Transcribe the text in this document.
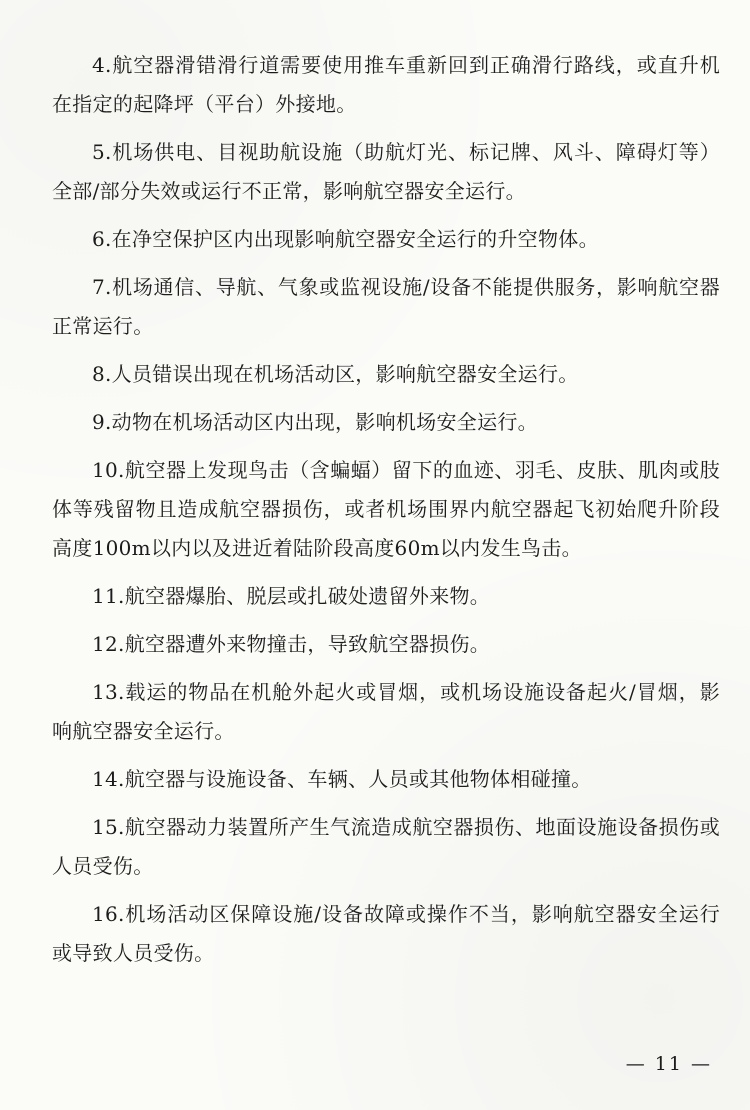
4.航空器滑错滑行道需要使用推车重新回到正确滑行路线，或直升机在指定的起降坪（平台）外接地。

5.机场供电、目视助航设施（助航灯光、标记牌、风斗、障碍灯等）全部/部分失效或运行不正常，影响航空器安全运行。

6.在净空保护区内出现影响航空器安全运行的升空物体。

7.机场通信、导航、气象或监视设施/设备不能提供服务，影响航空器正常运行。

8.人员错误出现在机场活动区，影响航空器安全运行。

9.动物在机场活动区内出现，影响机场安全运行。

10.航空器上发现鸟击（含蝙蝠）留下的血迹、羽毛、皮肤、肌肉或肢体等残留物且造成航空器损伤，或者机场围界内航空器起飞初始爬升阶段高度100m以内以及进近着陆阶段高度60m以内发生鸟击。

11.航空器爆胎、脱层或扎破处遗留外来物。

12.航空器遭外来物撞击，导致航空器损伤。

13.载运的物品在机舱外起火或冒烟，或机场设施设备起火/冒烟，影响航空器安全运行。

14.航空器与设施设备、车辆、人员或其他物体相碰撞。

15.航空器动力装置所产生气流造成航空器损伤、地面设施设备损伤或人员受伤。

16.机场活动区保障设施/设备故障或操作不当，影响航空器安全运行或导致人员受伤。

— 11 —
